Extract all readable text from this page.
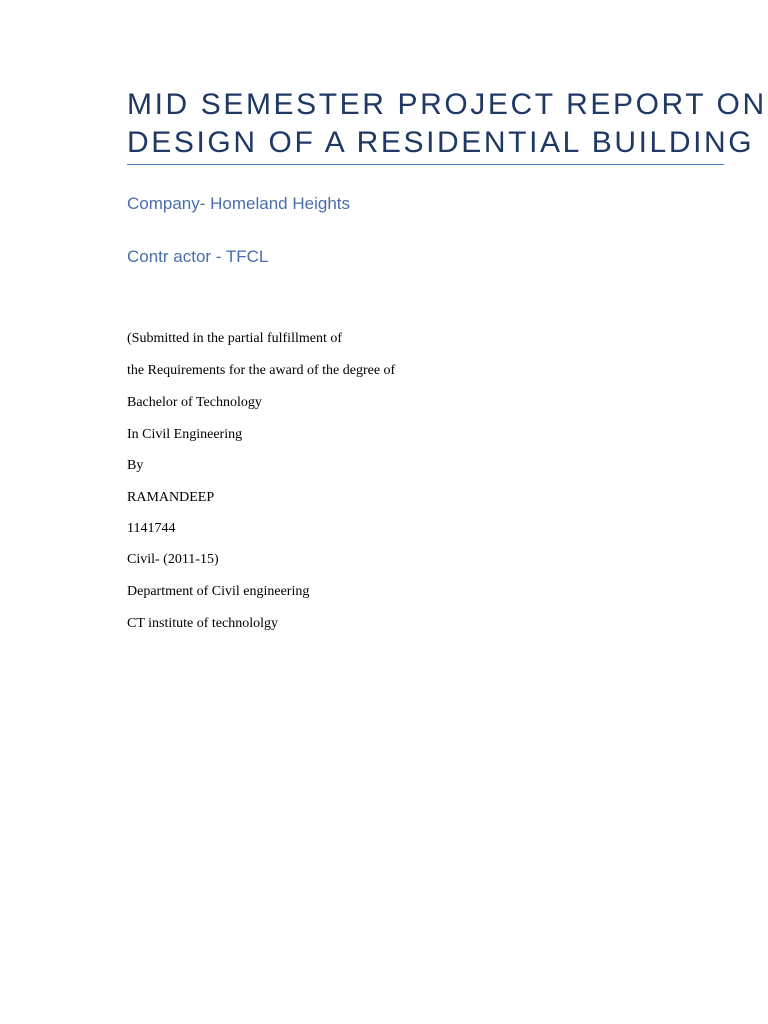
MID SEMESTER PROJECT REPORT ON
DESIGN OF A RESIDENTIAL BUILDING
Company- Homeland Heights
Contr actor - TFCL
(Submitted in the partial fulfillment of
the Requirements for the award of the degree of
Bachelor of Technology
In Civil Engineering
By
RAMANDEEP
1141744
Civil- (2011-15)
Department of Civil engineering
CT institute of technololgy
